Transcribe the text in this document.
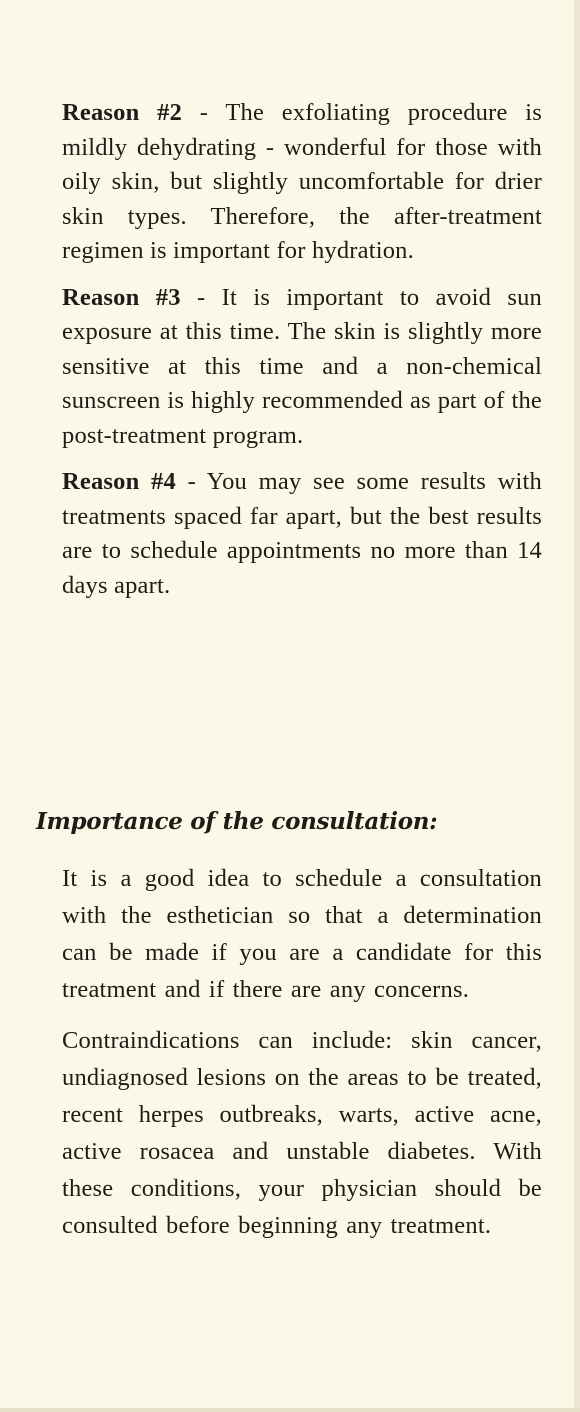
Reason #2 - The exfoliating procedure is mildly dehydrating - wonderful for those with oily skin, but slightly uncomfortable for drier skin types. Therefore, the after-treatment regimen is important for hydration.

Reason #3 - It is important to avoid sun exposure at this time. The skin is slightly more sensitive at this time and a non-chemical sunscreen is highly recommended as part of the post-treatment program.

Reason #4 - You may see some results with treatments spaced far apart, but the best results are to schedule appointments no more than 14 days apart.

Importance of the consultation:

It is a good idea to schedule a consultation with the esthetician so that a determination can be made if you are a candidate for this treatment and if there are any concerns.

Contraindications can include: skin cancer, undiagnosed lesions on the areas to be treated, recent herpes outbreaks, warts, active acne, active rosacea and unstable diabetes. With these conditions, your physician should be consulted before beginning any treatment.
